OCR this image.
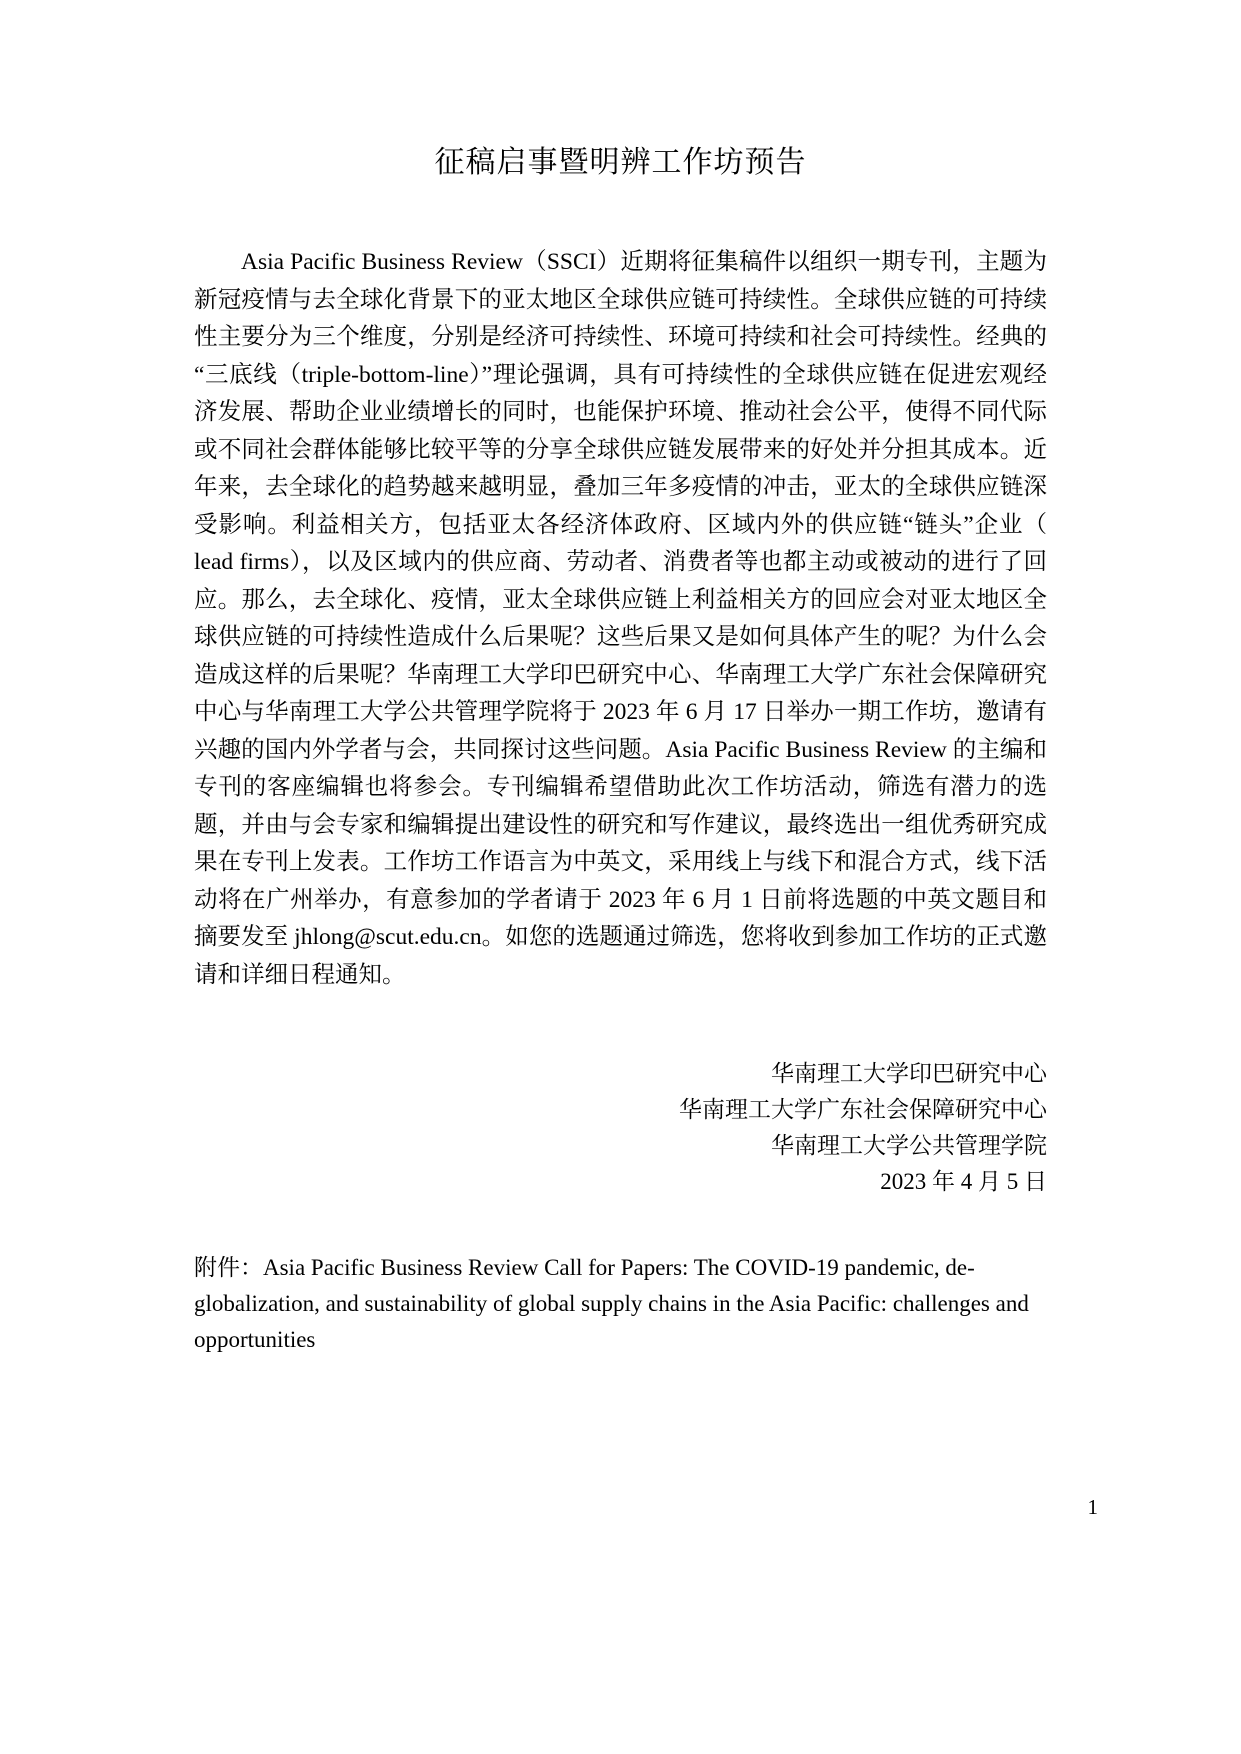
征稿启事暨明辨工作坊预告

Asia Pacific Business Review（SSCI）近期将征集稿件以组织一期专刊，主题为新冠疫情与去全球化背景下的亚太地区全球供应链可持续性。全球供应链的可持续性主要分为三个维度，分别是经济可持续性、环境可持续和社会可持续性。经典的“三底线（triple-bottom-line）”理论强调，具有可持续性的全球供应链在促进宏观经济发展、帮助企业业绩增长的同时，也能保护环境、推动社会公平，使得不同代际或不同社会群体能够比较平等的分享全球供应链发展带来的好处并分担其成本。近年来，去全球化的趋势越来越明显，叠加三年多疫情的冲击，亚太的全球供应链深受影响。利益相关方，包括亚太各经济体政府、区域内外的供应链“链头”企业（ lead firms），以及区域内的供应商、劳动者、消费者等也都主动或被动的进行了回应。那么，去全球化、疫情，亚太全球供应链上利益相关方的回应会对亚太地区全球供应链的可持续性造成什么后果呢？这些后果又是如何具体产生的呢？为什么会造成这样的后果呢？华南理工大学印巴研究中心、华南理工大学广东社会保障研究中心与华南理工大学公共管理学院将于 2023 年 6 月 17 日举办一期工作坊，邀请有兴趣的国内外学者与会，共同探讨这些问题。Asia Pacific Business Review 的主编和专刊的客座编辑也将参会。专刊编辑希望借助此次工作坊活动，筛选有潜力的选题，并由与会专家和编辑提出建设性的研究和写作建议，最终选出一组优秀研究成果在专刊上发表。工作坊工作语言为中英文，采用线上与线下和混合方式，线下活动将在广州举办，有意参加的学者请于 2023 年 6 月 1 日前将选题的中英文题目和摘要发至 jhlong@scut.edu.cn。如您的选题通过筛选，您将收到参加工作坊的正式邀请和详细日程通知。

华南理工大学印巴研究中心
华南理工大学广东社会保障研究中心
华南理工大学公共管理学院
2023 年 4 月 5 日
附件：Asia Pacific Business Review Call for Papers: The COVID-19 pandemic, de-globalization, and sustainability of global supply chains in the Asia Pacific: challenges and opportunities
1
